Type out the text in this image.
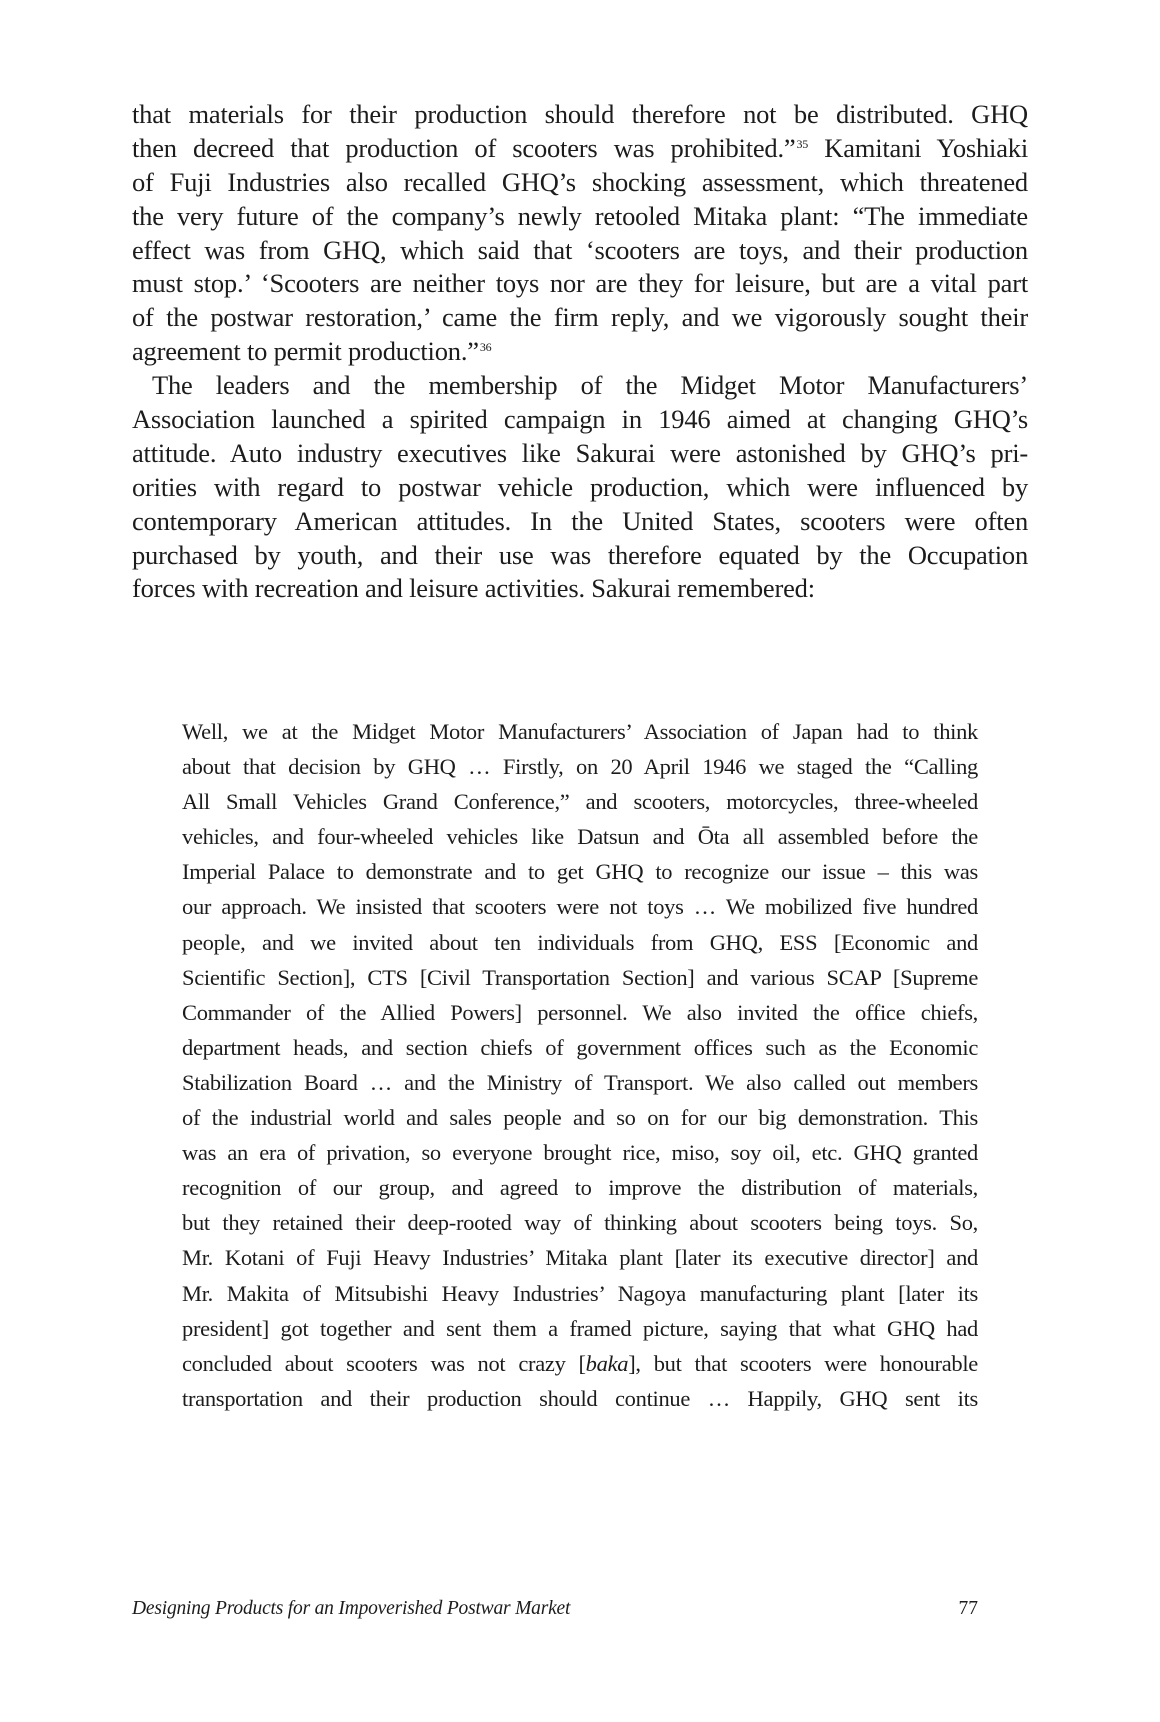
that materials for their production should therefore not be distributed. GHQ
then decreed that production of scooters was prohibited.”$^{35}$ Kamitani Yoshiaki
of Fuji Industries also recalled GHQ’s shocking assessment, which threatened
the very future of the company’s newly retooled Mitaka plant: “The immediate
effect was from GHQ, which said that ‘scooters are toys, and their production
must stop.’ ‘Scooters are neither toys nor are they for leisure, but are a vital part
of the postwar restoration,’ came the firm reply, and we vigorously sought their
agreement to permit production.”$^{36}$
The leaders and the membership of the Midget Motor Manufacturers’
Association launched a spirited campaign in 1946 aimed at changing GHQ’s
attitude. Auto industry executives like Sakurai were astonished by GHQ’s pri-
orities with regard to postwar vehicle production, which were influenced by
contemporary American attitudes. In the United States, scooters were often
purchased by youth, and their use was therefore equated by the Occupation
forces with recreation and leisure activities. Sakurai remembered:
Well, we at the Midget Motor Manufacturers’ Association of Japan had to think
about that decision by GHQ … Firstly, on 20 April 1946 we staged the “Calling
All Small Vehicles Grand Conference,” and scooters, motorcycles, three-wheeled
vehicles, and four-wheeled vehicles like Datsun and Ōta all assembled before the
Imperial Palace to demonstrate and to get GHQ to recognize our issue – this was
our approach. We insisted that scooters were not toys … We mobilized five hundred
people, and we invited about ten individuals from GHQ, ESS [Economic and
Scientific Section], CTS [Civil Transportation Section] and various SCAP [Supreme
Commander of the Allied Powers] personnel. We also invited the office chiefs,
department heads, and section chiefs of government offices such as the Economic
Stabilization Board … and the Ministry of Transport. We also called out members
of the industrial world and sales people and so on for our big demonstration. This
was an era of privation, so everyone brought rice, miso, soy oil, etc. GHQ granted
recognition of our group, and agreed to improve the distribution of materials,
but they retained their deep-rooted way of thinking about scooters being toys. So,
Mr. Kotani of Fuji Heavy Industries’ Mitaka plant [later its executive director] and
Mr. Makita of Mitsubishi Heavy Industries’ Nagoya manufacturing plant [later its
president] got together and sent them a framed picture, saying that what GHQ had
concluded about scooters was not crazy [baka], but that scooters were honourable
transportation and their production should continue … Happily, GHQ sent its
Designing Products for an Impoverished Postwar Market	77
